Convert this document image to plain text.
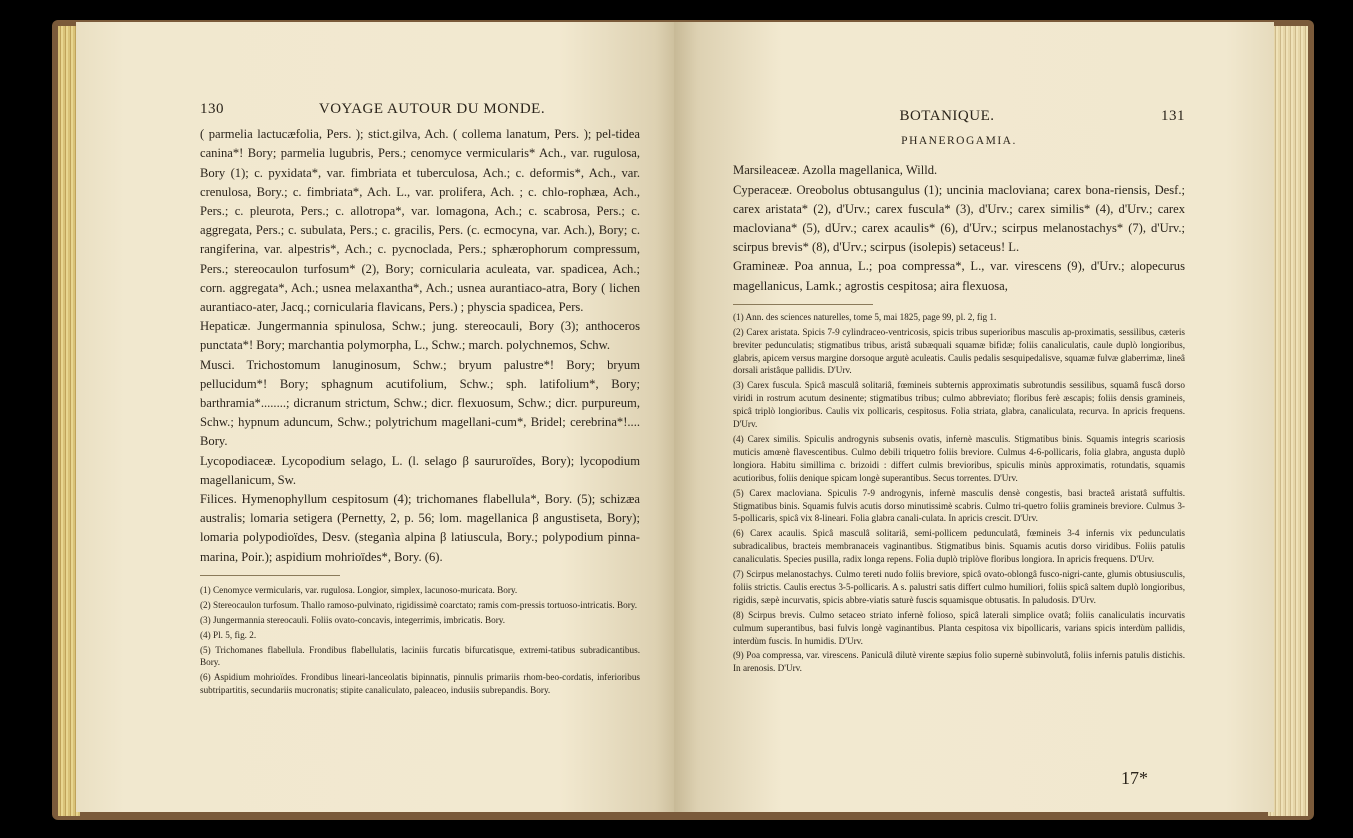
130	VOYAGE AUTOUR DU MONDE.

( parmelia lactucæfolia, Pers. ); stict.gilva, Ach. ( collema lanatum, Pers. ); pel-tidea canina*! Bory; parmelia lugubris, Pers.; cenomyce vermicularis* Ach., var. rugulosa, Bory (1); c. pyxidata*, var. fimbriata et tuberculosa, Ach.; c. deformis*, Ach., var. crenulosa, Bory.; c. fimbriata*, Ach. L., var. prolifera, Ach. ; c. chlo-rophæa, Ach., Pers.; c. pleurota, Pers.; c. allotropa*, var. lomagona, Ach.; c. scabrosa, Pers.; c. aggregata, Pers.; c. subulata, Pers.; c. gracilis, Pers. (c. ecmocyna, var. Ach.), Bory; c. rangiferina, var. alpestris*, Ach.; c. pycnoclada, Pers.; sphærophorum compressum, Pers.; stereocaulon turfosum* (2), Bory; cornicularia aculeata, var. spadicea, Ach.; corn. aggregata*, Ach.; usnea melaxantha*, Ach.; usnea aurantiaco-atra, Bory ( lichen aurantiaco-ater, Jacq.; cornicularia flavicans, Pers.) ; physcia spadicea, Pers.

Hepaticæ. Jungermannia spinulosa, Schw.; jung. stereocauli, Bory (3); anthoceros punctata*! Bory; marchantia polymorpha, L., Schw.; march. polychnemos, Schw.

Musci. Trichostomum lanuginosum, Schw.; bryum palustre*! Bory; bryum pellucidum*! Bory; sphagnum acutifolium, Schw.; sph. latifolium*, Bory; barthramia*........; dicranum strictum, Schw.; dicr. flexuosum, Schw.; dicr. purpureum, Schw.; hypnum aduncum, Schw.; polytrichum magellani-cum*, Bridel; cerebrina*!.... Bory.

Lycopodiaceæ. Lycopodium selago, L. (l. selago β saururoïdes, Bory); lycopodium magellanicum, Sw.

Filices. Hymenophyllum cespitosum (4); trichomanes flabellula*, Bory. (5); schizæa australis; lomaria setigera (Pernetty, 2, p. 56; lom. magellanica β angustiseta, Bory); lomaria polypodioïdes, Desv. (steganìa alpina β latiuscula, Bory.; polypodium pinna-marina, Poir.); aspidium mohrioïdes*, Bory. (6).

(1) Cenomyce vermicularis, var. rugulosa. Longior, simplex, lacunoso-muricata. Bory.

(2) Stereocaulon turfosum. Thallo ramoso-pulvinato, rigidissimè coarctato; ramis com-pressis tortuoso-intricatis. Bory.

(3) Jungermannia stereocauli. Foliis ovato-concavis, integerrimis, imbricatis. Bory.

(4) Pl. 5, fig. 2.

(5) Trichomanes flabellula. Frondibus flabellulatis, laciniis furcatis bifurcatisque, extremi-tatibus subradicantibus. Bory.

(6) Aspidium mohrioïdes. Frondibus lineari-lanceolatis bipinnatis, pinnulis primariis rhom-beo-cordatis, inferioribus subtripartitis, secundariis mucronatis; stipite canaliculato, paleaceo, indusiis subrepandis. Bory.

BOTANIQUE.	131
PHANEROGAMIA.

Marsileaceæ. Azolla magellanica, Willd.

Cyperaceæ. Oreobolus obtusangulus (1); uncinia macloviana; carex bona-riensis, Desf.; carex aristata* (2), d'Urv.; carex fuscula* (3), d'Urv.; carex similis* (4), d'Urv.; carex macloviana* (5), dUrv.; carex acaulis* (6), d'Urv.; scirpus melanostachys* (7), d'Urv.; scirpus brevis* (8), d'Urv.; scirpus (isolepis) setaceus! L.

Gramineæ. Poa annua, L.; poa compressa*, L., var. virescens (9), d'Urv.; alopecurus magellanicus, Lamk.; agrostis cespitosa; aira flexuosa,

(1) Ann. des sciences naturelles, tome 5, mai 1825, page 99, pl. 2, fig 1.

(2) Carex aristata. Spicis 7-9 cylindraceo-ventricosis, spicis tribus superioribus masculis ap-proximatis, sessilibus, cæteris breviter pedunculatis; stigmatibus tribus, aristâ subæquali squamæ bifidæ; foliis canaliculatis, caule duplò longioribus, glabris, apicem versus margine dorsoque argutè aculeatis. Caulis pedalis sesquipedalisve, squamæ fulvæ glaberrimæ, lineâ dorsali aristâque pallidis. D'Urv.

(3) Carex fuscula. Spicâ masculâ solitariâ, fœmineis subternis approximatis subrotundis sessilibus, squamâ fuscâ dorso viridi in rostrum acutum desinente; stigmatibus tribus; culmo abbreviato; floribus ferè æscapis; foliis densis gramineis, spicâ triplò longioribus. Caulis vix pollicaris, cespitosus. Folia striata, glabra, canaliculata, recurva. In apricis frequens. D'Urv.

(4) Carex similis. Spiculis androgynis subsenis ovatis, infernè masculis. Stigmatibus binis. Squamis integris scariosis muticis amœnè flavescentibus. Culmo debili triquetro foliis breviore. Culmus 4-6-pollicaris, folia glabra, angusta duplò longiora. Habitu simillima c. brizoidi : differt culmis brevioribus, spiculis minùs approximatis, rotundatis, squamis acutioribus, foliis denique spicam longè superantibus. Secus torrentes. D'Urv.

(5) Carex macloviana. Spiculis 7-9 androgynis, infernè masculis densè congestis, basi bracteâ aristatâ suffultis. Stigmatibus binis. Squamis fulvis acutis dorso minutissimè scabris. Culmo tri-quetro foliis gramineis breviore. Culmus 3-5-pollicaris, spicâ vix 8-lineari. Folia glabra canali-culata. In apricis crescit. D'Urv.

(6) Carex acaulis. Spicâ masculâ solitariâ, semi-pollicem pedunculatâ, fœmineis 3-4 infernis vix pedunculatis subradicalibus, bracteis membranaceis vaginantibus. Stigmatibus binis. Squamis acutis dorso viridibus. Foliis patulis canaliculatis. Species pusilla, radix longa repens. Folia duplò triplòve floribus longiora. In apricis frequens. D'Urv.

(7) Scirpus melanostachys. Culmo tereti nudo foliis breviore, spicâ ovato-oblongâ fusco-nigri-cante, glumis obtusiusculis, foliis strictis. Caulis erectus 3-5-pollicaris. A s. palustri satis differt culmo humiliori, foliis spicâ saltem duplò longioribus, rigidis, sæpè incurvatis, spicis abbre-viatis saturè fuscis squamisque obtusatis. In paludosis. D'Urv.

(8) Scirpus brevis. Culmo setaceo striato infernè folioso, spicâ laterali simplice ovatâ; foliis canaliculatis incurvatis culmum superantibus, basi fulvis longè vaginantibus. Planta cespitosa vix bipollicaris, varians spicis interdùm pallidis, interdùm fuscis. In humidis. D'Urv.

(9) Poa compressa, var. virescens. Paniculâ dilutè virente sæpius folio supernè subinvolutâ, foliis infernis patulis distichis. In arenosis. D'Urv.

17*
